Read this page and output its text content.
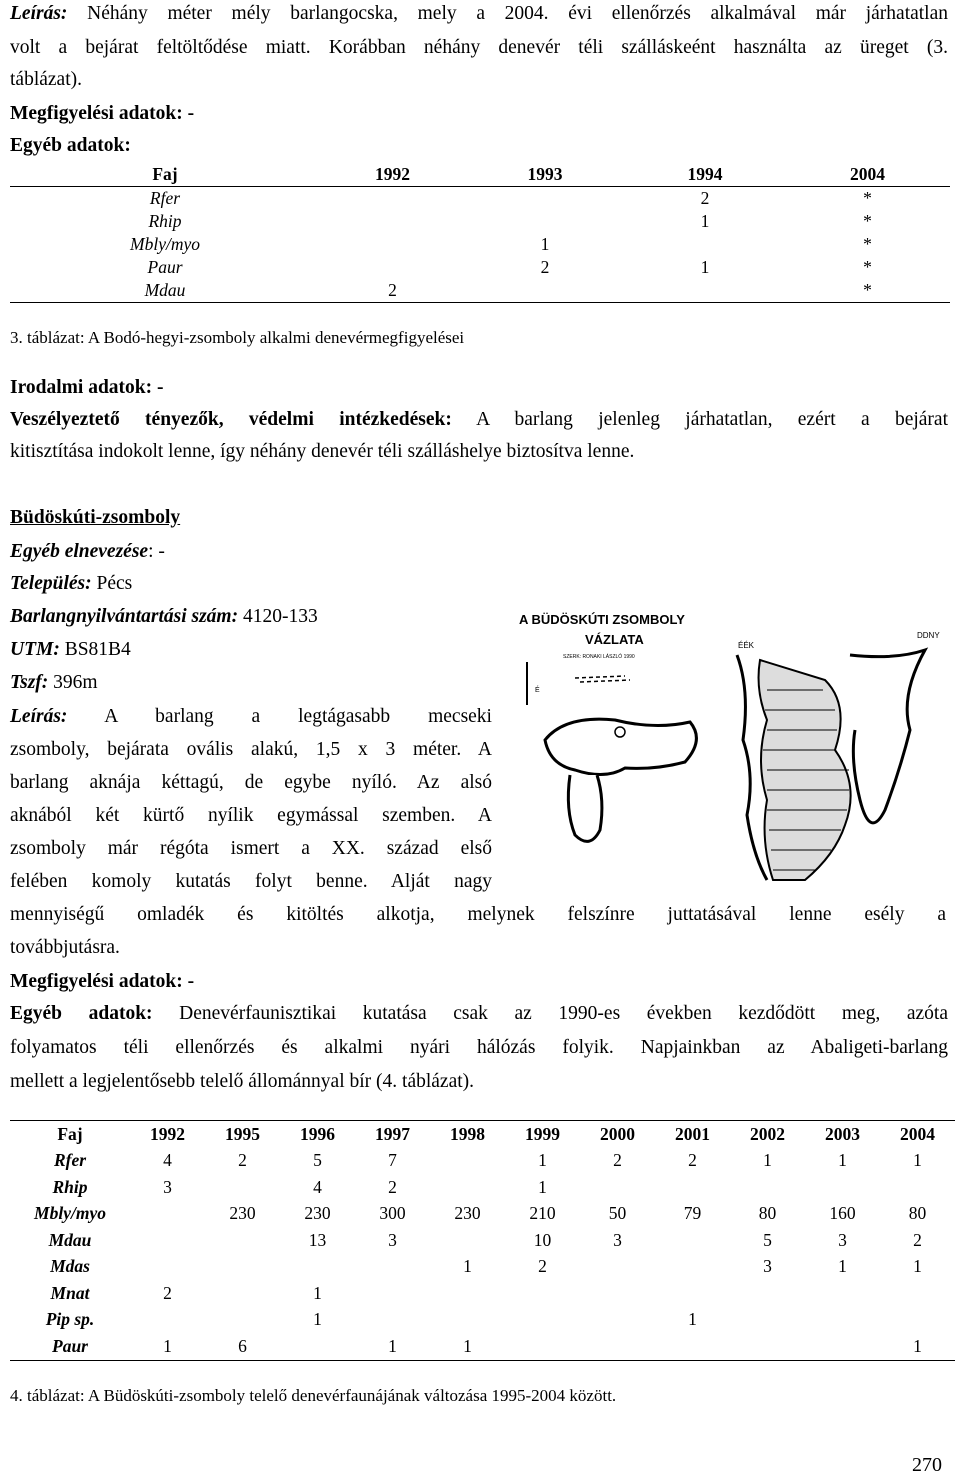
Leírás: Néhány méter mély barlangocska, mely a 2004. évi ellenőrzés alkalmával már járhatatlan
volt a bejárat feltöltődése miatt. Korábban néhány denevér téli szálláskeént használta az üreget (3.
táblázat).
Megfigyelési adatok: -
Egyéb adatok:
Faj	1992	1993	1994	2004
Rfer			2	*
Rhip			1	*
Mbly/myo		1		*
Paur		2	1	*
Mdau	2			*
3. táblázat: A Bodó-hegyi-zsomboly alkalmi denevérmegfigyelései
Irodalmi adatok: -
Veszélyeztető tényezők, védelmi intézkedések: A barlang jelenleg járhatatlan, ezért a bejárat
kitisztítása indokolt lenne, így néhány denevér téli szálláshelye biztosítva lenne.
Büdöskúti-zsomboly
Egyéb elnevezése: -
Település: Pécs
Barlangnyilvántartási szám: 4120-133
UTM: BS81B4
Tszf: 396m
Leírás: A barlang a legtágasabb mecseki
zsomboly, bejárata ovális alakú, 1,5 x 3 méter. A
barlang aknája kéttagú, de egybe nyíló. Az alsó
aknából két kürtő nyílik egymással szemben. A
zsomboly már régóta ismert a XX. század első
felében komoly kutatás folyt benne. Alját nagy
mennyiségű omladék és kitöltés alkotja, melynek felszínre juttatásával lenne esély a
továbbjutásra.
A BÜDÖSKÚTI ZSOMBOLY
VÁZLATA
SZERK: RONAKI LÁSZLÓ 1990
ÉÉK
DDNY
É
Megfigyelési adatok: -
Egyéb adatok: Denevérfaunisztikai kutatása csak az 1990-es években kezdődött meg, azóta
folyamatos téli ellenőrzés és alkalmi nyári hálózás folyik. Napjainkban az Abaligeti-barlang
mellett a legjelentősebb telelő állománnyal bír (4. táblázat).
Faj	1992	1995	1996	1997	1998	1999	2000	2001	2002	2003	2004
Rfer	4	2	5	7		1	2	2	1	1	1
Rhip	3		4	2		1					
Mbly/myo		230	230	300	230	210	50	79	80	160	80
Mdau			13	3		10	3		5	3	2
Mdas					1	2			3	1	1
Mnat	2		1								
Pip sp.			1					1			
Paur	1	6		1	1						1
4. táblázat: A Büdöskúti-zsomboly telelő denevérfaunájának változása 1995-2004 között.
270
